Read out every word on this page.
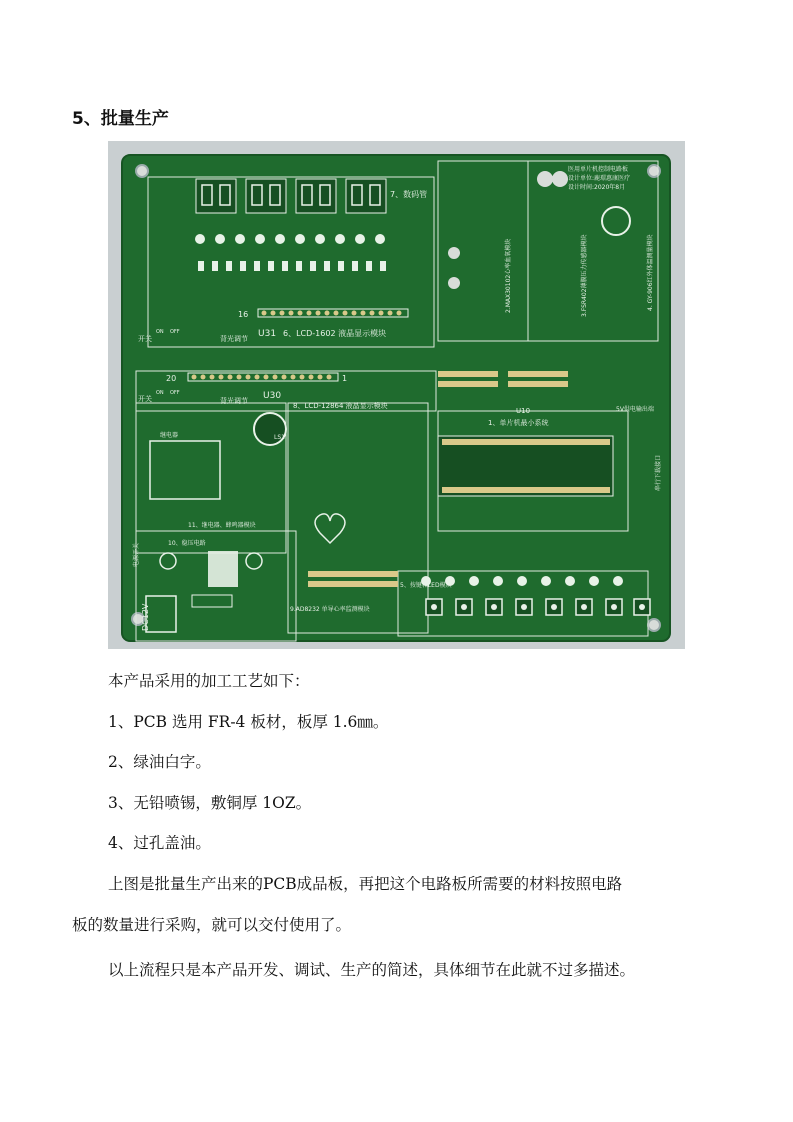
5、批量生产
7、数码管
16
U31 6、LCD-1602 液晶显示模块
20	1
U30
8、LCD-12864 液晶显示模块
开关
ON OFF
背光调节
开关
ON OFF
背光调节
继电器	LS1
11、继电器、蜂鸣器模块
1、单片机最小系统
U10
10、稳压电路
5、按键和LED模块
9.AD8232 单导心率监测模块
2.MAX30102心率血氧模块	3.FSR402薄膜压力传感器模块	4. GY-906红外体温测量模块
5V供电输出端
串行下载接口
医用单片机控制电路板
设计单位:鹿璟惠康医疗
设计时间:2020年8月
DC12V
电源开关

本产品采用的加工工艺如下：

1、PCB 选用 FR-4 板材，板厚 1.6㎜。

2、绿油白字。

3、无铅喷锡，敷铜厚 1OZ。

4、过孔盖油。

上图是批量生产出来的PCB成品板，再把这个电路板所需要的材料按照电路

板的数量进行采购，就可以交付使用了。

以上流程只是本产品开发、调试、生产的简述，具体细节在此就不过多描述。
